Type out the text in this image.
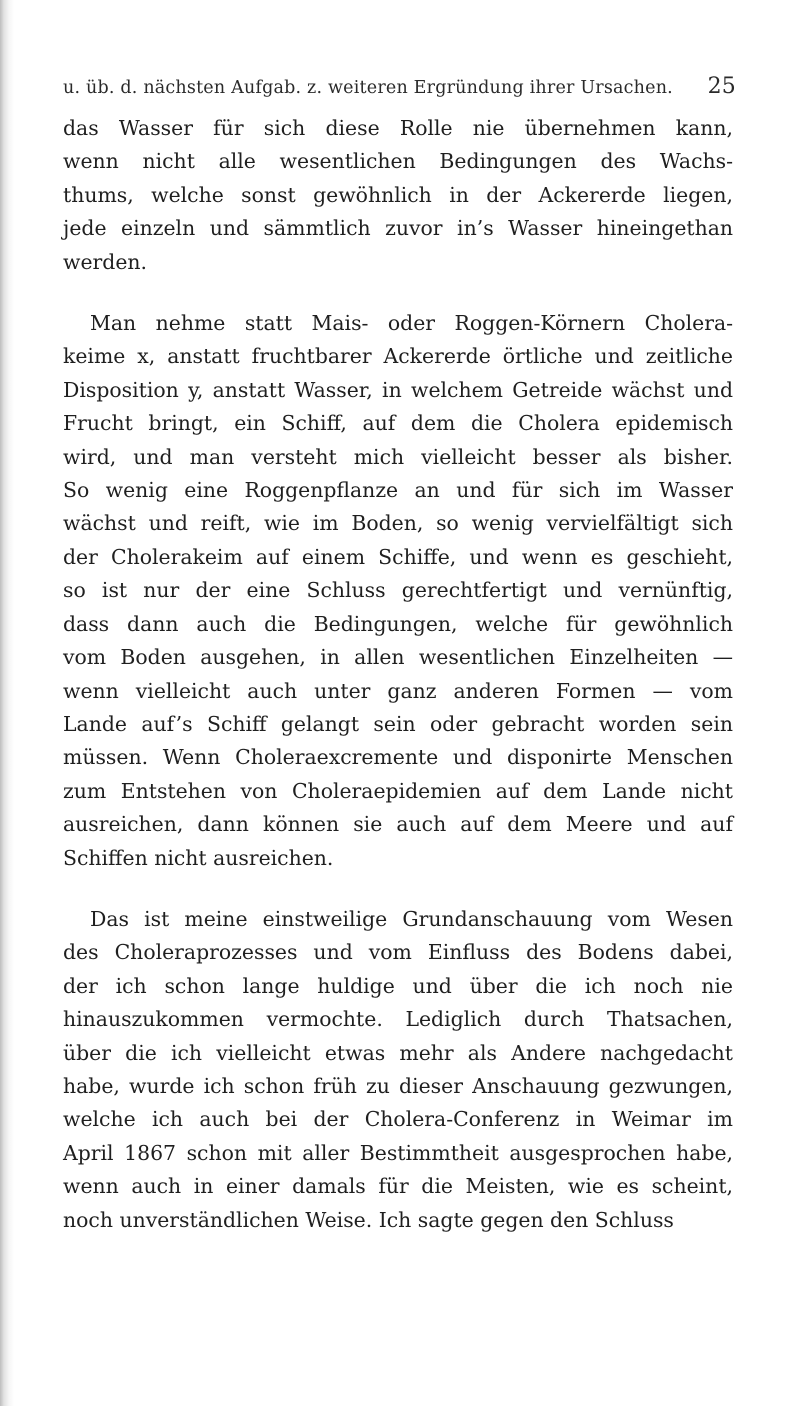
u. üb. d. nächsten Aufgab. z. weiteren Ergründung ihrer Ursachen. 25
das Wasser für sich diese Rolle nie übernehmen kann,
wenn nicht alle wesentlichen Bedingungen des Wachs-
thums, welche sonst gewöhnlich in der Ackererde liegen,
jede einzeln und sämmtlich zuvor in’s Wasser hineingethan
werden.
Man nehme statt Mais- oder Roggen-Körnern Cholera-
keime x, anstatt fruchtbarer Ackererde örtliche und zeitliche
Disposition y, anstatt Wasser, in welchem Getreide wächst und
Frucht bringt, ein Schiff, auf dem die Cholera epidemisch
wird, und man versteht mich vielleicht besser als bisher.
So wenig eine Roggenpflanze an und für sich im Wasser
wächst und reift, wie im Boden, so wenig vervielfältigt sich
der Cholerakeim auf einem Schiffe, und wenn es geschieht,
so ist nur der eine Schluss gerechtfertigt und vernünftig,
dass dann auch die Bedingungen, welche für gewöhnlich
vom Boden ausgehen, in allen wesentlichen Einzelheiten —
wenn vielleicht auch unter ganz anderen Formen — vom
Lande auf’s Schiff gelangt sein oder gebracht worden sein
müssen. Wenn Choleraexcremente und disponirte Menschen
zum Entstehen von Choleraepidemien auf dem Lande nicht
ausreichen, dann können sie auch auf dem Meere und auf
Schiffen nicht ausreichen.
Das ist meine einstweilige Grundanschauung vom Wesen
des Choleraprozesses und vom Einfluss des Bodens dabei,
der ich schon lange huldige und über die ich noch nie
hinauszukommen vermochte. Lediglich durch Thatsachen,
über die ich vielleicht etwas mehr als Andere nachgedacht
habe, wurde ich schon früh zu dieser Anschauung gezwungen,
welche ich auch bei der Cholera-Conferenz in Weimar im
April 1867 schon mit aller Bestimmtheit ausgesprochen habe,
wenn auch in einer damals für die Meisten, wie es scheint,
noch unverständlichen Weise. Ich sagte gegen den Schluss
